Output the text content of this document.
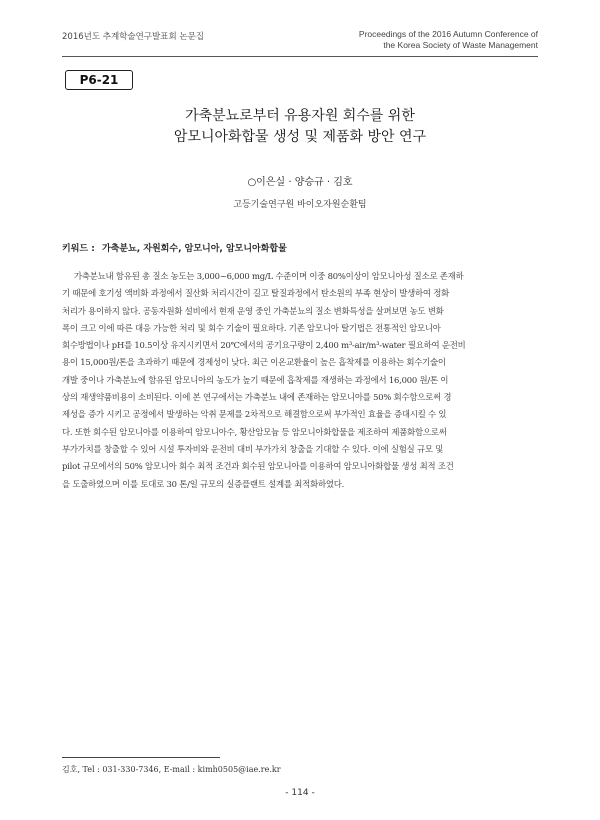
2016년도 추계학술연구발표회 논문집	Proceedings of the 2016 Autumn Conference of
the Korea Society of Waste Management
P6-21
가축분뇨로부터 유용자원 회수를 위한
암모니아화합물 생성 및 제품화 방안 연구
○이은실 · 양승규 · 김호
고등기술연구원 바이오자원순환팀
키워드 : 가축분뇨, 자원회수, 암모니아, 암모니아화합물
가축분뇨내 함유된 총 질소 농도는 3,000~6,000 mg/L 수준이며 이중 80%이상이 암모니아성 질소로 존재하
기 때문에 호기성 액비화 과정에서 질산화 처리시간이 길고 탈질과정에서 탄소원의 부족 현상이 발생하여 정화
처리가 용이하지 않다. 공동자원화 설비에서 현재 운영 중인 가축분뇨의 질소 변화특성을 살펴보면 농도 변화
폭이 크고 이에 따른 대응 가능한 처리 및 회수 기술이 필요하다. 기존 암모니아 탈기법은 전통적인 암모니아
회수방법이나 pH를 10.5이상 유지시키면서 20℃에서의 공기요구량이 2,400 m³-air/m³-water 필요하여 운전비
용이 15,000원/톤을 초과하기 때문에 경제성이 낮다. 최근 이온교환율이 높은 흡착제를 이용하는 회수기술이
개발 중이나 가축분뇨에 함유된 암모니아의 농도가 높기 때문에 흡착제를 재생하는 과정에서 16,000 원/톤 이
상의 재생약품비용이 소비된다. 이에 본 연구에서는 가축분뇨 내에 존재하는 암모니아를 50% 회수함으로써 경
제성을 증가 시키고 공정에서 발생하는 악취 문제를 2차적으로 해결함으로써 부가적인 효율을 증대시킬 수 있
다. 또한 회수된 암모니아를 이용하여 암모니아수, 황산암모늄 등 암모니아화합물을 제조하여 제품화함으로써
부가가치를 창출할 수 있어 시설 투자비와 운전비 대비 부가가치 창출을 기대할 수 있다. 이에 실험실 규모 및
pilot 규모에서의 50% 암모니아 회수 최적 조건과 회수된 암모니아를 이용하여 암모니아화합물 생성 최적 조건
을 도출하였으며 이를 토대로 30 톤/일 규모의 실증플랜트 설계를 최적화하였다.
김호, Tel : 031-330-7346, E-mail : kimh0505@iae.re.kr
- 114 -
